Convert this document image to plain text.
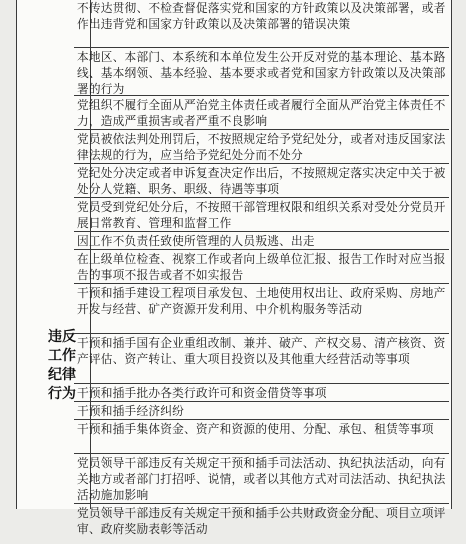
违反
工作
纪律
行为
不传达贯彻、不检查督促落实党和国家的方针政策以及决策部署，或者作出违背党和国家方针政策以及决策部署的错误决策
本地区、本部门、本系统和本单位发生公开反对党的基本理论、基本路线、基本纲领、基本经验、基本要求或者党和国家方针政策以及决策部署的行为
党组织不履行全面从严治党主体责任或者履行全面从严治党主体责任不力，造成严重损害或者严重不良影响
党员被依法判处刑罚后，不按照规定给予党纪处分，或者对违反国家法律法规的行为，应当给予党纪处分而不处分
党纪处分决定或者申诉复查决定作出后，不按照规定落实决定中关于被处分人党籍、职务、职级、待遇等事项
党员受到党纪处分后，不按照干部管理权限和组织关系对受处分党员开展日常教育、管理和监督工作
因工作不负责任致使所管理的人员叛逃、出走
在上级单位检查、视察工作或者向上级单位汇报、报告工作时对应当报告的事项不报告或者不如实报告
干预和插手建设工程项目承发包、土地使用权出让、政府采购、房地产开发与经营、矿产资源开发利用、中介机构服务等活动
干预和插手国有企业重组改制、兼并、破产、产权交易、清产核资、资产评估、资产转让、重大项目投资以及其他重大经营活动等事项
干预和插手批办各类行政许可和资金借贷等事项
干预和插手经济纠纷
干预和插手集体资金、资产和资源的使用、分配、承包、租赁等事项
党员领导干部违反有关规定干预和插手司法活动、执纪执法活动，向有关地方或者部门打招呼、说情，或者以其他方式对司法活动、执纪执法活动施加影响
党员领导干部违反有关规定干预和插手公共财政资金分配、项目立项评审、政府奖励表彰等活动
